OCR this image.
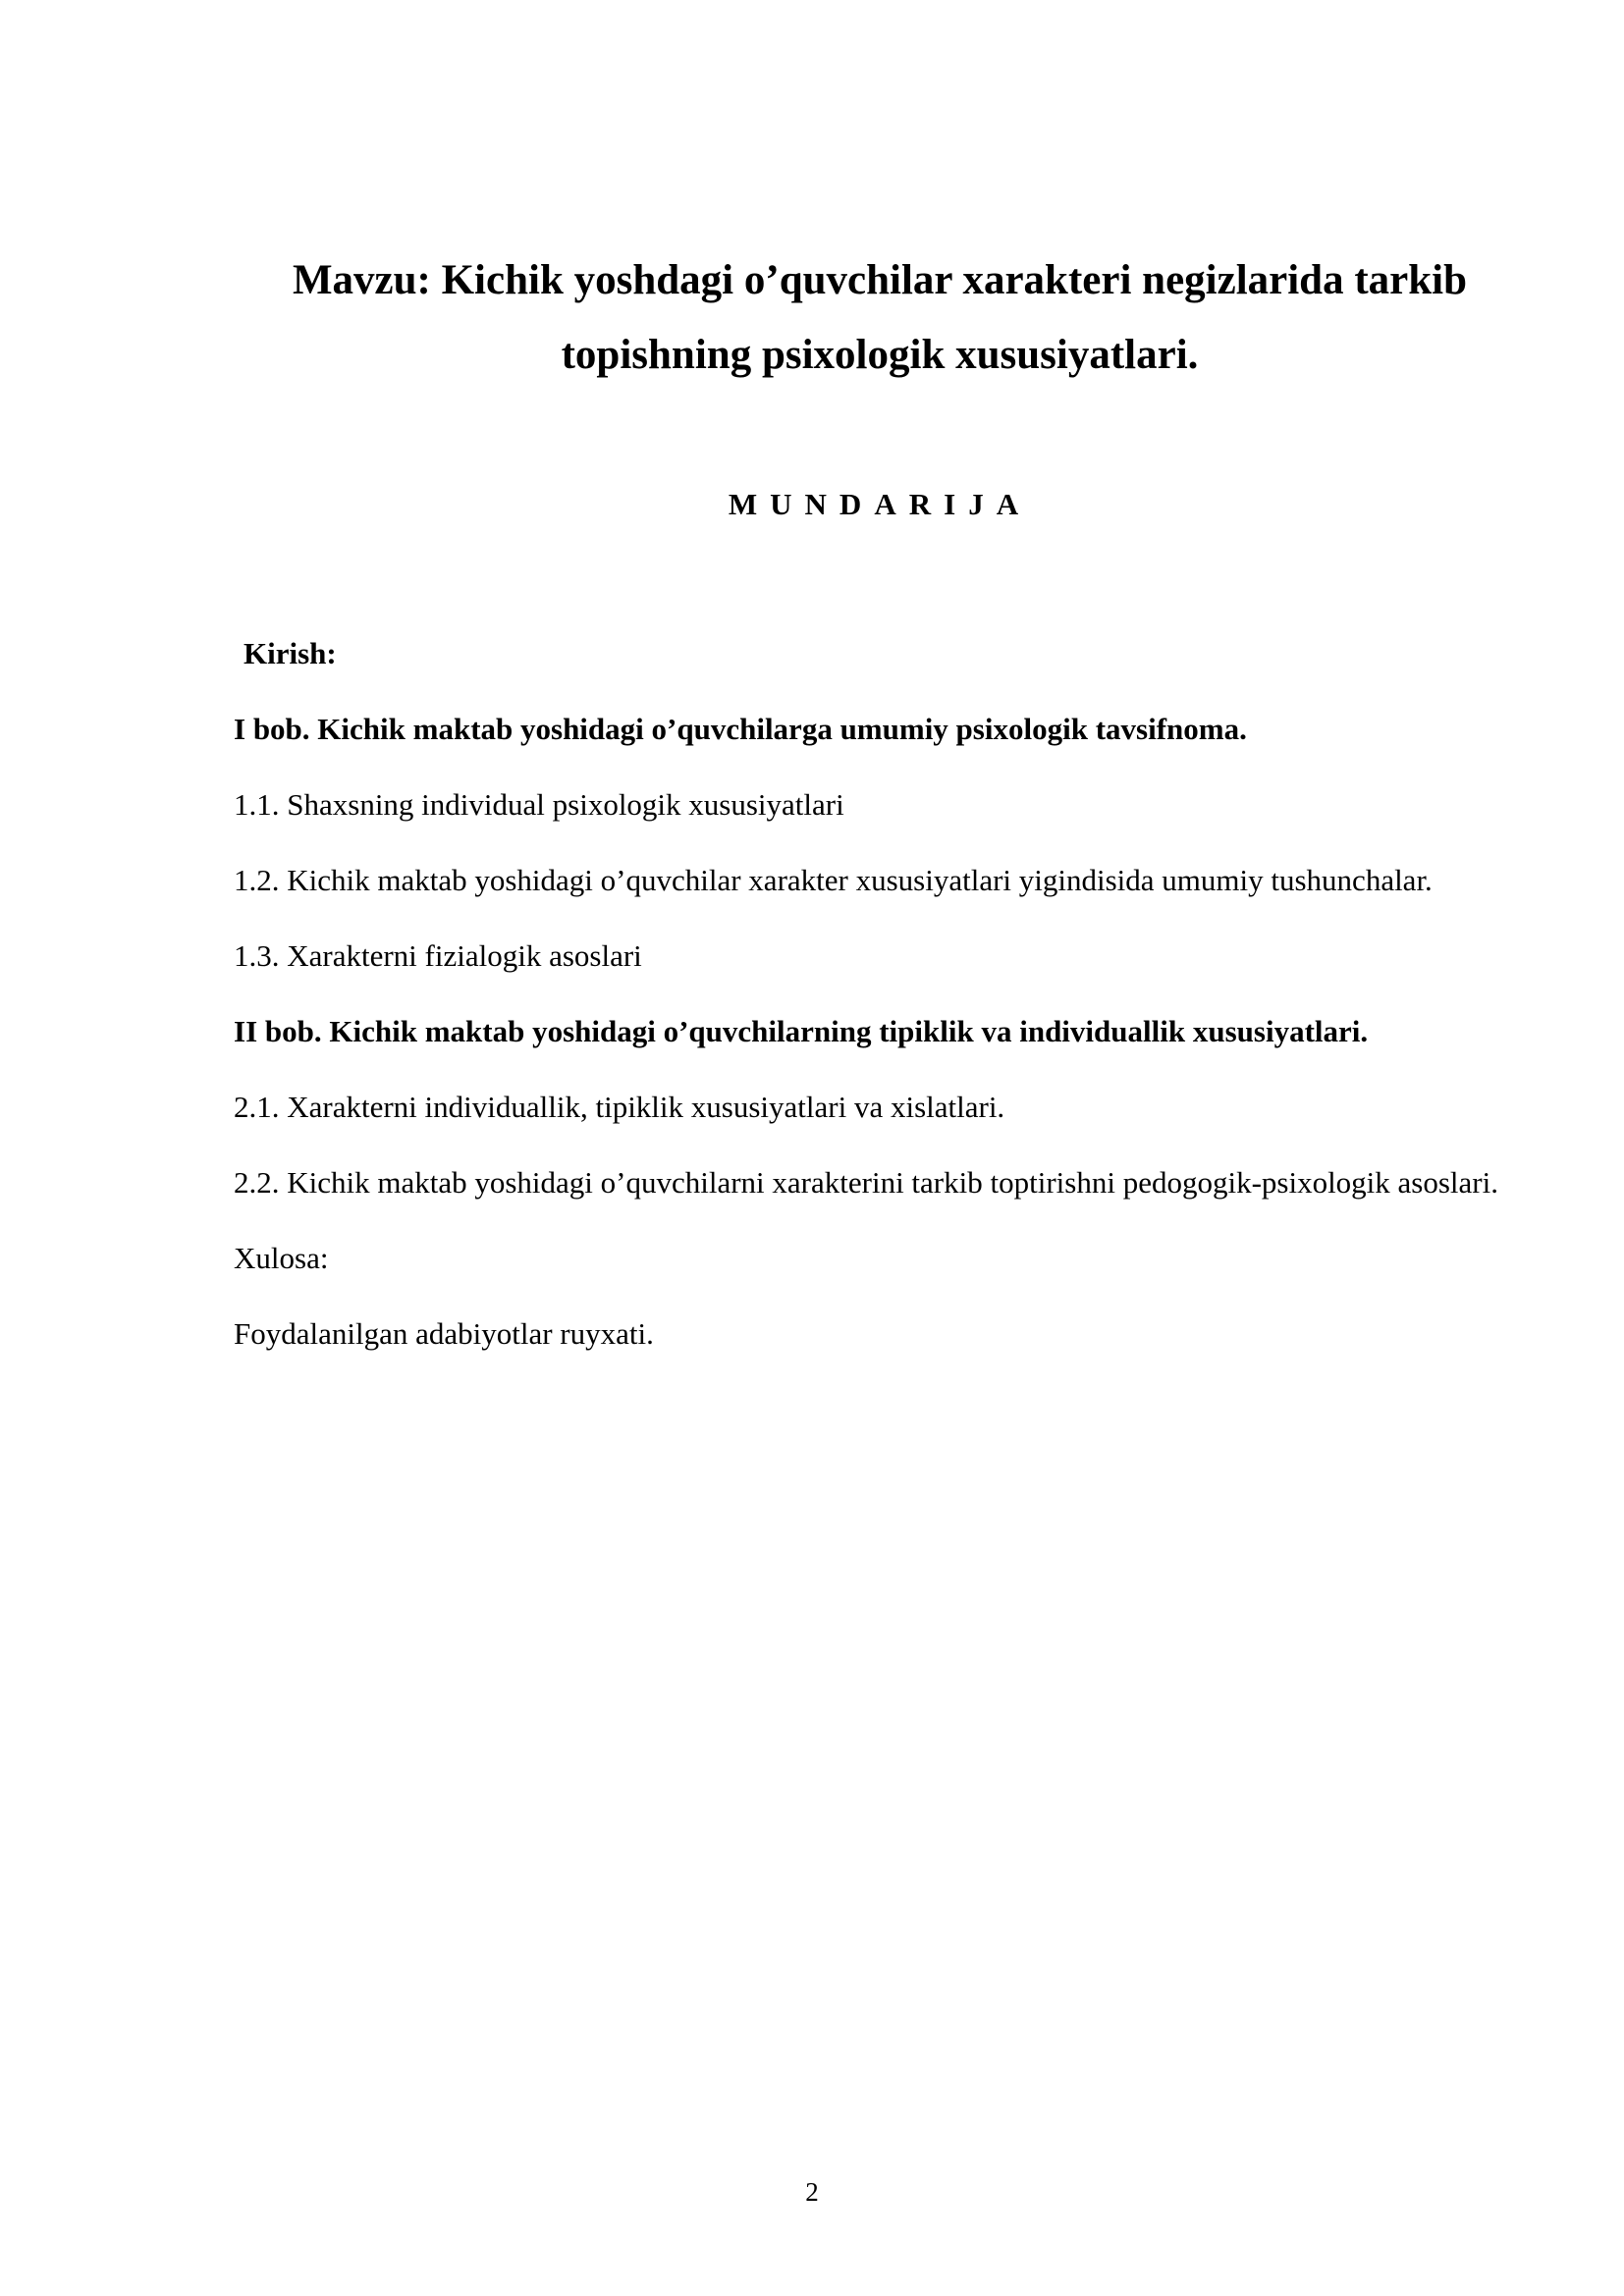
Mavzu: Kichik yoshdagi o’quvchilar xarakteri negizlarida tarkib topishning psixologik xususiyatlari.
MUNDARIJA
Kirish:
I bob. Kichik maktab yoshidagi o’quvchilarga umumiy psixologik tavsifnoma.
1.1. Shaxsning individual psixologik xususiyatlari
1.2. Kichik maktab yoshidagi o’quvchilar xarakter xususiyatlari yigindisida umumiy tushunchalar.
1.3. Xarakterni fizialogik asoslari
II bob. Kichik maktab yoshidagi o’quvchilarning tipiklik va individuallik xususiyatlari.
2.1. Xarakterni individuallik, tipiklik xususiyatlari va xislatlari.
2.2. Kichik maktab yoshidagi o’quvchilarni xarakterini tarkib toptirishni pedogogik-psixologik asoslari.
Xulosa:
Foydalanilgan adabiyotlar ruyxati.
2
